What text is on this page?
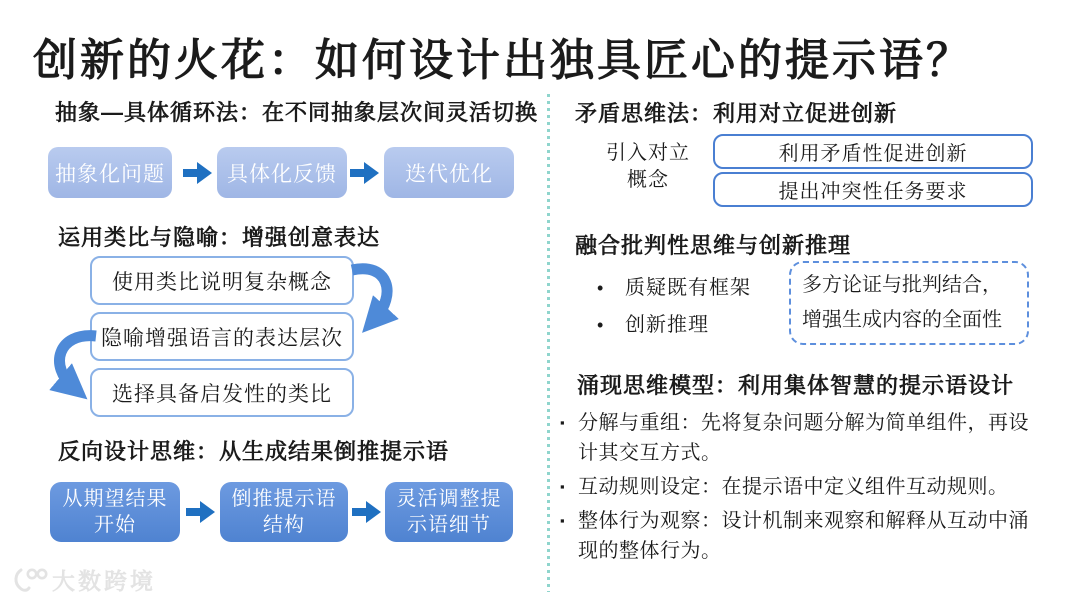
创新的火花：如何设计出独具匠心的提示语？
抽象—具体循环法：在不同抽象层次间灵活切换
抽象化问题	具体化反馈	迭代优化
运用类比与隐喻：增强创意表达
使用类比说明复杂概念
隐喻增强语言的表达层次
选择具备启发性的类比
反向设计思维：从生成结果倒推提示语
从期望结果开始
倒推提示语结构
灵活调整提示语细节
矛盾思维法：利用对立促进创新
引入对立概念
利用矛盾性促进创新
提出冲突性任务要求
融合批判性思维与创新推理
• 质疑既有框架
• 创新推理
多方论证与批判结合，增强生成内容的全面性
涌现思维模型：利用集体智慧的提示语设计
▪ 分解与重组：先将复杂问题分解为简单组件，再设计其交互方式。
▪ 互动规则设定：在提示语中定义组件互动规则。
▪ 整体行为观察：设计机制来观察和解释从互动中涌现的整体行为。
大数跨境
